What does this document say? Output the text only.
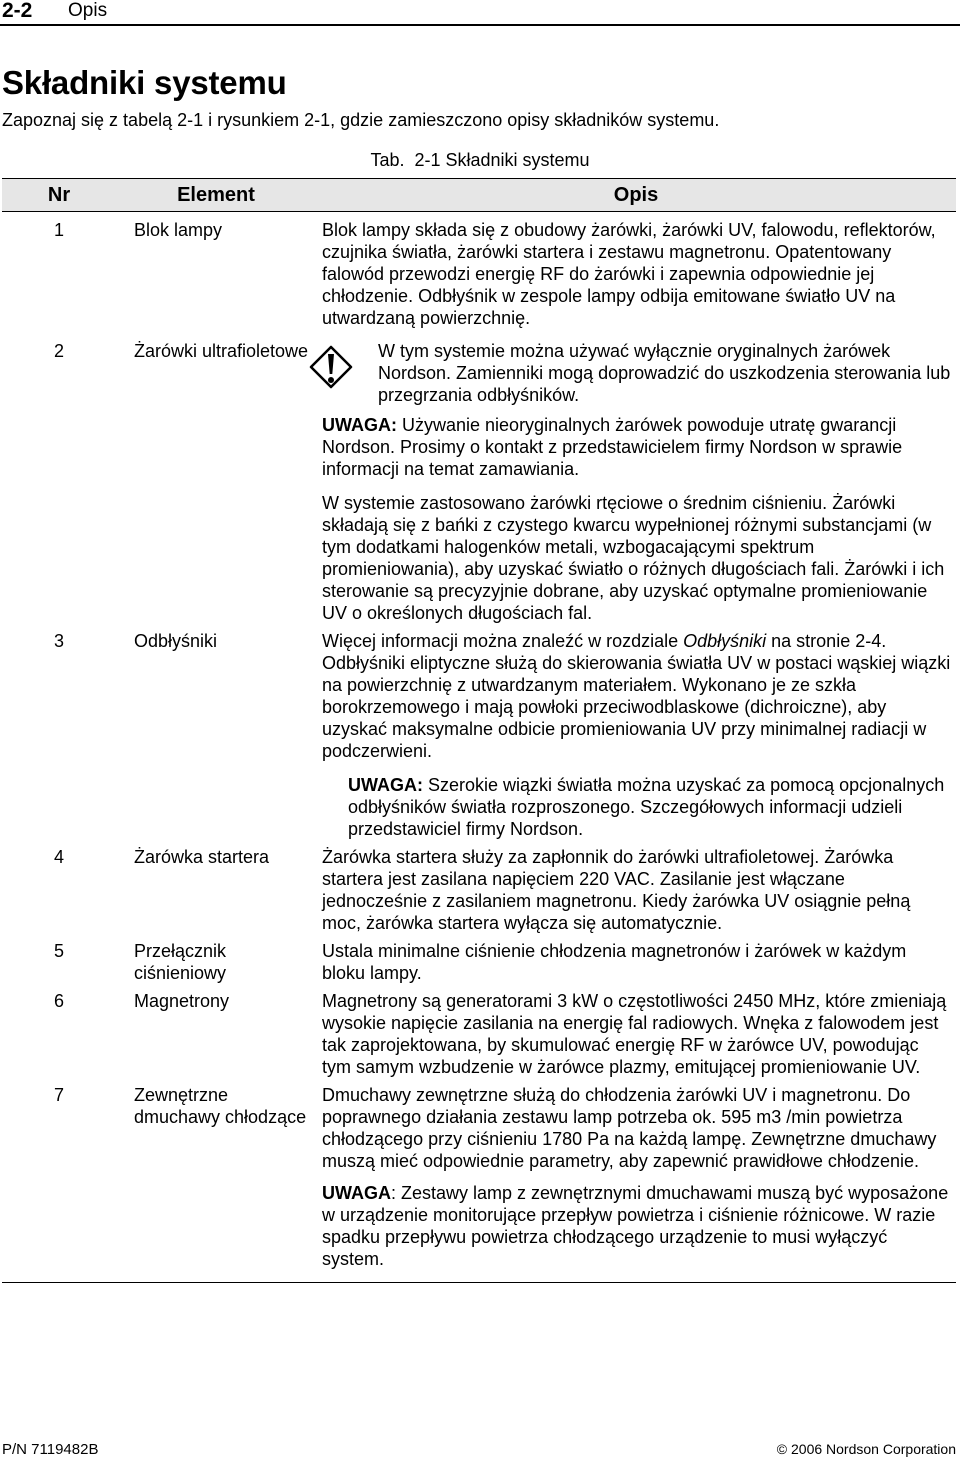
2-2 Opis
Składniki systemu
Zapoznaj się z tabelą 2-1 i rysunkiem 2-1, gdzie zamieszczono opisy składników systemu.
Tab. 2-1 Składniki systemu
Nr	Element	Opis
1	Blok lampy	Blok lampy składa się z obudowy żarówki, żarówki UV, falowodu, reflektorów, czujnika światła, żarówki startera i zestawu magnetronu. Opatentowany falowód przewodzi energię RF do żarówki i zapewnia odpowiednie jej chłodzenie. Odbłyśnik w zespole lampy odbija emitowane światło UV na utwardzaną powierzchnię.

2	Żarówki ultrafioletowe	W tym systemie można używać wyłącznie oryginalnych żarówek Nordson. Zamienniki mogą doprowadzić do uszkodzenia sterowania lub przegrzania odbłyśników.

UWAGA: Używanie nieoryginalnych żarówek powoduje utratę gwarancji Nordson. Prosimy o kontakt z przedstawicielem firmy Nordson w sprawie informacji na temat zamawiania.

W systemie zastosowano żarówki rtęciowe o średnim ciśnieniu. Żarówki składają się z bańki z czystego kwarcu wypełnionej różnymi substancjami (w tym dodatkami halogenków metali, wzbogacającymi spektrum promieniowania), aby uzyskać światło o różnych długościach fali. Żarówki i ich sterowanie są precyzyjnie dobrane, aby uzyskać optymalne promieniowanie UV o określonych długościach fal.

3	Odbłyśniki	Więcej informacji można znaleźć w rozdziale Odbłyśniki na stronie 2-4. Odbłyśniki eliptyczne służą do skierowania światła UV w postaci wąskiej wiązki na powierzchnię z utwardzanym materiałem. Wykonano je ze szkła borokrzemowego i mają powłoki przeciwodblaskowe (dichroiczne), aby uzyskać maksymalne odbicie promieniowania UV przy minimalnej radiacji w podczerwieni.

UWAGA: Szerokie wiązki światła można uzyskać za pomocą opcjonalnych odbłyśników światła rozproszonego. Szczegółowych informacji udzieli przedstawiciel firmy Nordson.

4	Żarówka startera	Żarówka startera służy za zapłonnik do żarówki ultrafioletowej. Żarówka startera jest zasilana napięciem 220 VAC. Zasilanie jest włączane jednocześnie z zasilaniem magnetronu. Kiedy żarówka UV osiągnie pełną moc, żarówka startera wyłącza się automatycznie.

5	Przełącznik ciśnieniowy	Ustala minimalne ciśnienie chłodzenia magnetronów i żarówek w każdym bloku lampy.

6	Magnetrony	Magnetrony są generatorami 3 kW o częstotliwości 2450 MHz, które zmieniają wysokie napięcie zasilania na energię fal radiowych. Wnęka z falowodem jest tak zaprojektowana, by skumulować energię RF w żarówce UV, powodując tym samym wzbudzenie w żarówce plazmy, emitującej promieniowanie UV.

7	Zewnętrzne dmuchawy chłodzące	Dmuchawy zewnętrzne służą do chłodzenia żarówki UV i magnetronu. Do poprawnego działania zestawu lamp potrzeba ok. 595 m3 /min powietrza chłodzącego przy ciśnieniu 1780 Pa na każdą lampę. Zewnętrzne dmuchawy muszą mieć odpowiednie parametry, aby zapewnić prawidłowe chłodzenie.

UWAGA: Zestawy lamp z zewnętrznymi dmuchawami muszą być wyposażone w urządzenie monitorujące przepływ powietrza i ciśnienie różnicowe. W razie spadku przepływu powietrza chłodzącego urządzenie to musi wyłączyć system.

P/N 7119482B	© 2006 Nordson Corporation
